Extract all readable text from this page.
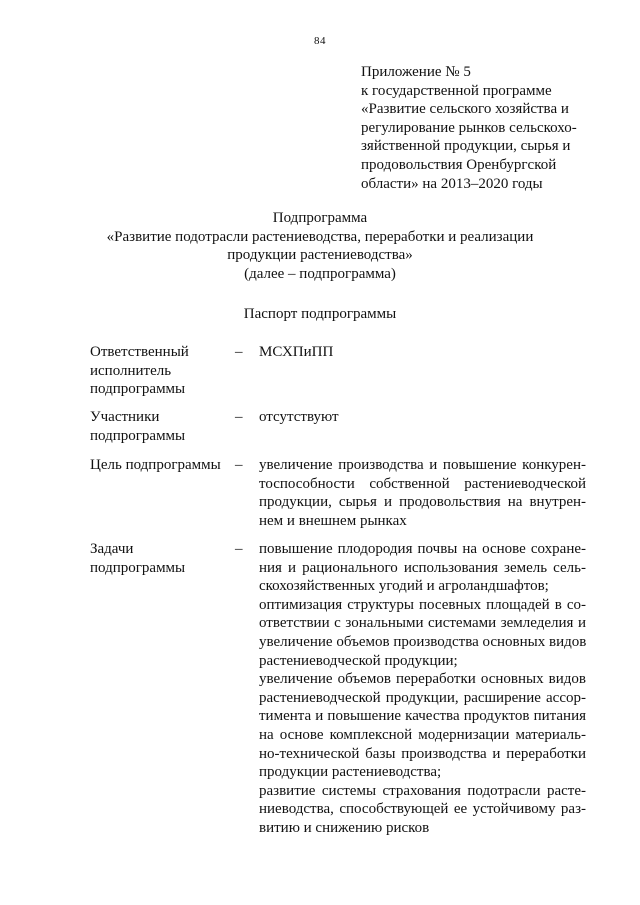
84
Приложение № 5
к государственной программе
«Развитие сельского хозяйства и
регулирование рынков сельскохо-
зяйственной продукции, сырья и
продовольствия Оренбургской
области» на 2013–2020 годы
Подпрограмма
«Развитие подотрасли растениеводства, переработки и реализации
продукции растениеводства»
(далее – подпрограмма)
Паспорт подпрограммы
Ответственный
исполнитель
подпрограммы
– МСХПиПП
Участники
подпрограммы
– отсутствуют
Цель подпрограммы – увеличение производства и повышение конкурен-
тоспособности собственной растениеводческой
продукции, сырья и продовольствия на внутрен-
нем и внешнем рынках
Задачи
подпрограммы
– повышение плодородия почвы на основе сохране-
ния и рационального использования земель сель-
скохозяйственных угодий и агроландшафтов;
оптимизация структуры посевных площадей в со-
ответствии с зональными системами земледелия и
увеличение объемов производства основных видов
растениеводческой продукции;
увеличение объемов переработки основных видов
растениеводческой продукции, расширение ассор-
тимента и повышение качества продуктов питания
на основе комплексной модернизации материаль-
но-технической базы производства и переработки
продукции растениеводства;
развитие системы страхования подотрасли расте-
ниеводства, способствующей ее устойчивому раз-
витию и снижению рисков
